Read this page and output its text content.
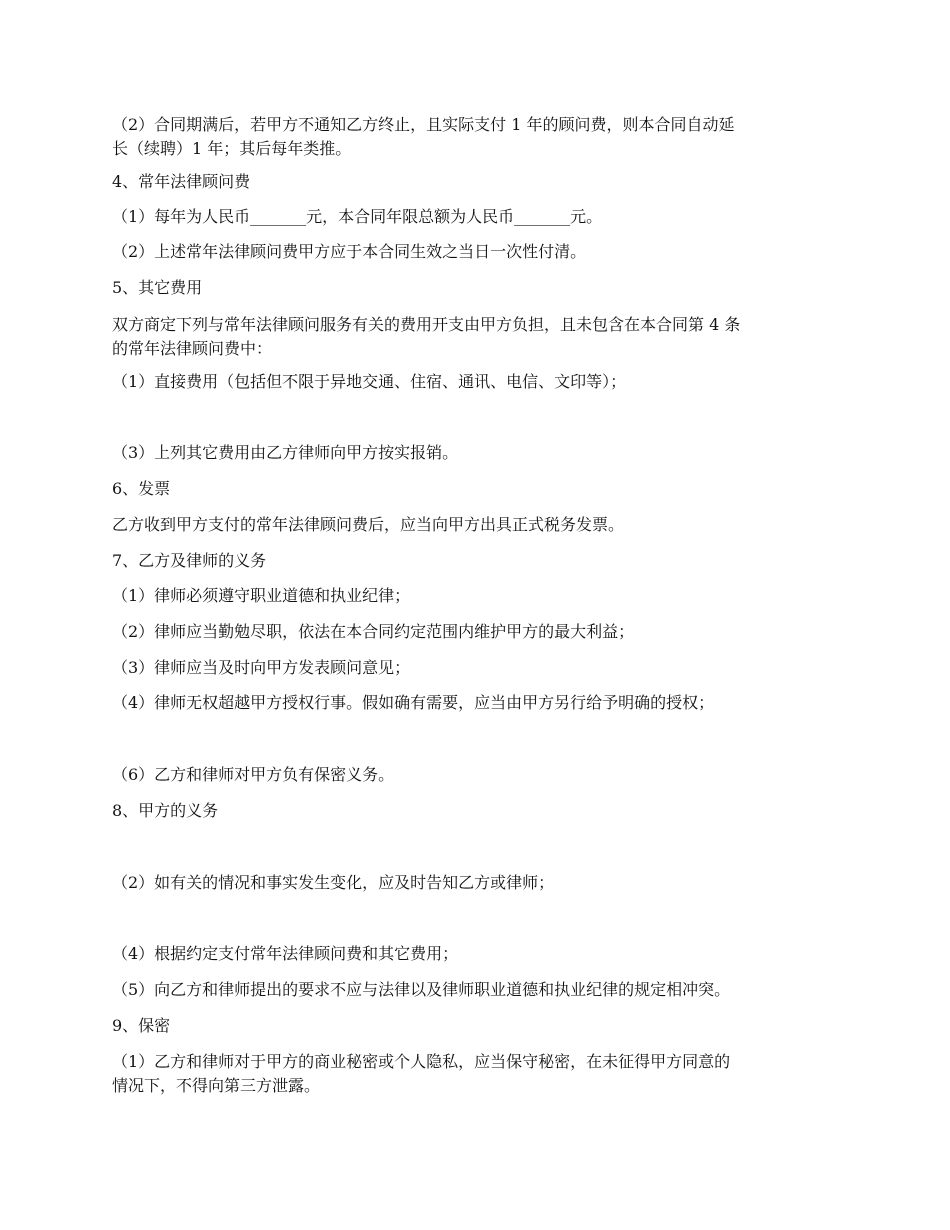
（2）合同期满后，若甲方不通知乙方终止，且实际支付 1 年的顾问费，则本合同自动延
长（续聘）1 年；其后每年类推。
4、常年法律顾问费
（1）每年为人民币_______元，本合同年限总额为人民币_______元。
（2）上述常年法律顾问费甲方应于本合同生效之当日一次性付清。
5、其它费用
双方商定下列与常年法律顾问服务有关的费用开支由甲方负担，且未包含在本合同第 4 条
的常年法律顾问费中：
（1）直接费用（包括但不限于异地交通、住宿、通讯、电信、文印等）；
（3）上列其它费用由乙方律师向甲方按实报销。
6、发票
乙方收到甲方支付的常年法律顾问费后，应当向甲方出具正式税务发票。
7、乙方及律师的义务
（1）律师必须遵守职业道德和执业纪律；
（2）律师应当勤勉尽职，依法在本合同约定范围内维护甲方的最大利益；
（3）律师应当及时向甲方发表顾问意见；
（4）律师无权超越甲方授权行事。假如确有需要，应当由甲方另行给予明确的授权；
（6）乙方和律师对甲方负有保密义务。
8、甲方的义务
（2）如有关的情况和事实发生变化，应及时告知乙方或律师；
（4）根据约定支付常年法律顾问费和其它费用；
（5）向乙方和律师提出的要求不应与法律以及律师职业道德和执业纪律的规定相冲突。
9、保密
（1）乙方和律师对于甲方的商业秘密或个人隐私，应当保守秘密，在未征得甲方同意的
情况下，不得向第三方泄露。
